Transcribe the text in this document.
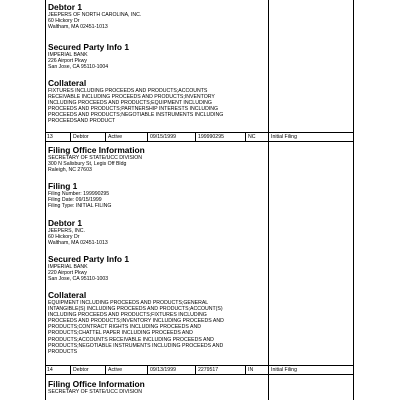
Debtor 1

JEEPERS OF NORTH CAROLINA, INC.

60 Hickory Dr

Waltham, MA 02451-1013

Secured Party Info 1

IMPERIAL BANK

226 Airport Pkwy

San Jose, CA 95110-1004

Collateral

FIXTURES INCLUDING PROCEEDS AND PRODUCTS;ACCOUNTS

RECEIVABLE INCLUDING PROCEEDS AND PRODUCTS;INVENTORY

INCLUDING PROCEEDS AND PRODUCTS;EQUIPMENT INCLUDING

PROCEEDS AND PRODUCTS;PARTNERSHIP INTERESTS INCLUDING

PROCEEDS AND PRODUCTS;NEGOTIABLE INSTRUMENTS INCLUDING

PROCEEDSAND PRODUCT

13	Debtor	Active	09/15/1999	199990295	NC	Initial Filing

Filing Office Information

SECRETARY OF STATE/UCC DIVISION

300 N Salisbury St, Legis Off Bldg

Raleigh, NC 27603

Filing 1

Filing Number: 199990295

Filing Date: 09/15/1999

Filing Type: INITIAL FILING

Debtor 1

JEEPERS, INC.

60 Hickory Dr

Waltham, MA 02451-1013

Secured Party Info 1

IMPERIAL BANK

220 Airport Pkwy

San Jose, CA 95110-1003

Collateral

EQUIPMENT INCLUDING PROCEEDS AND PRODUCTS;GENERAL

INTANGIBLE(S) INCLUDING PROCEEDS AND PRODUCTS;ACCOUNT(S)

INCLUDING PROCEEDS AND PRODUCTS;FIXTURES INCLUDING

PROCEEDS AND PRODUCTS;INVENTORY INCLUDING PROCEEDS AND

PRODUCTS;CONTRACT RIGHTS INCLUDING PROCEEDS AND

PRODUCTS;CHATTEL PAPER INCLUDING PROCEEDS AND

PRODUCTS;ACCOUNTS RECEIVABLE INCLUDING PROCEEDS AND

PRODUCTS;NEGOTIABLE INSTRUMENTS INCLUDING PROCEEDS AND

PRODUCTS

14	Debtor	Active	09/13/1999	2279517	IN	Initial Filing

Filing Office Information

SECRETARY OF STATE/UCC DIVISION
